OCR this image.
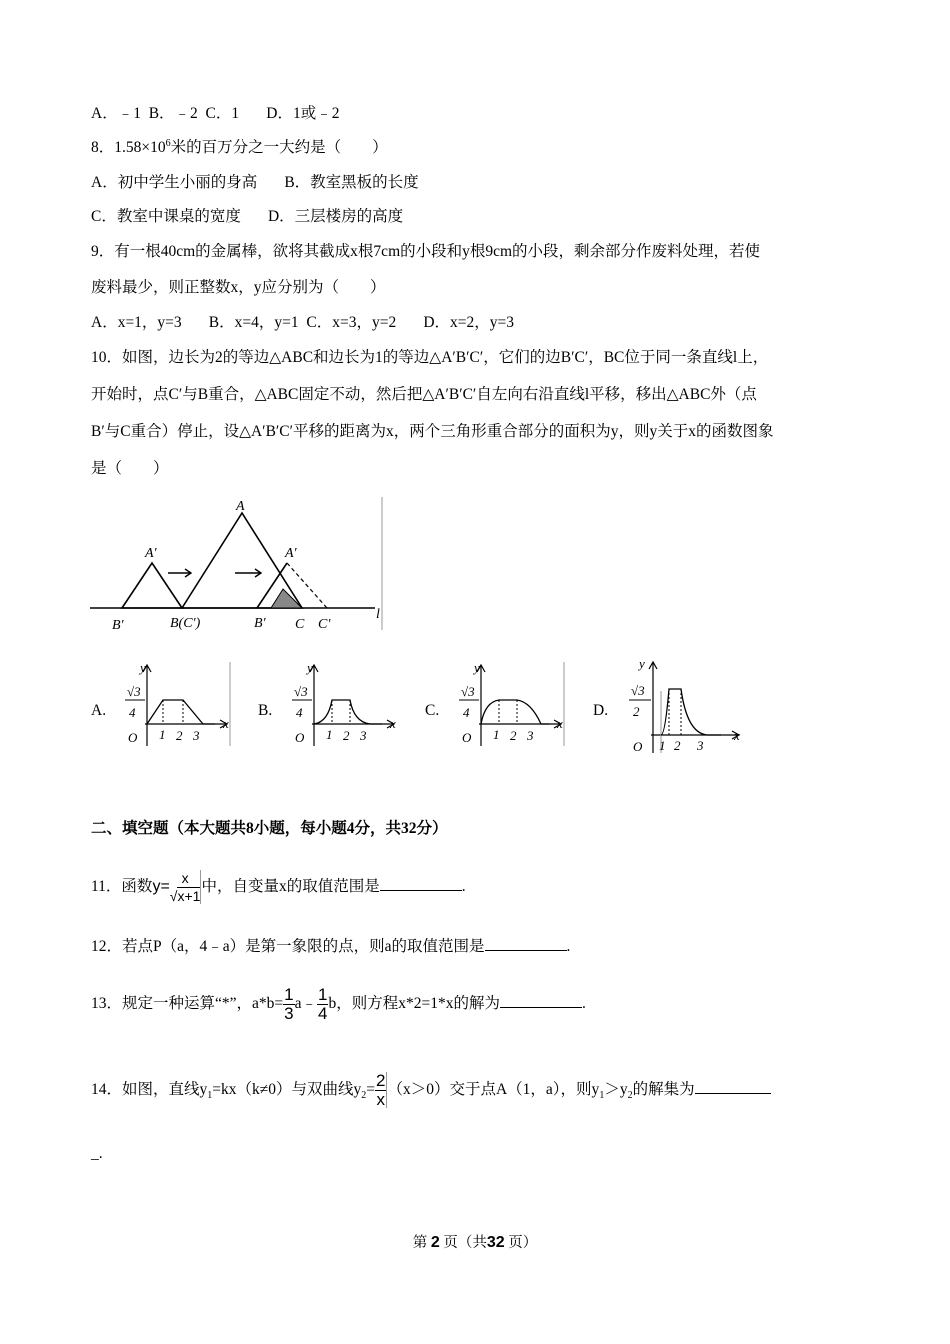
A．﹣1  B．﹣2  C．1       D．1或﹣2
8．$1.58\times 10^6$米的百万分之一大约是（　　）
A．初中学生小丽的身高       B．教室黑板的长度
C．教室中课桌的宽度       D．三层楼房的高度
9．有一根40cm的金属棒，欲将其截成x根7cm的小段和y根9cm的小段，剩余部分作废料处理，若使
废料最少，则正整数x，y应分别为（　　）
A．x=1，y=3       B．x=4，y=1  C．x=3，y=2       D．x=2，y=3
10．如图，边长为2的等边△ABC和边长为1的等边△A′B′C′，它们的边B′C′，BC位于同一条直线l上，
开始时，点C′与B重合，△ABC固定不动，然后把△A′B′C′自左向右沿直线l平移，移出△ABC外（点
B′与C重合）停止，设△A′B′C′平移的距离为x，两个三角形重合部分的面积为y，则y关于x的函数图象
是（　　）
A
A′	A′
B′	B(C′)	B′ C C′
l
A.
y
√3
4
x
O 1 2 3
B.
y
√3
4
x
O 1 2 3
C.
y
√3
4
x
O 1 2 3
D.
y
√3
2
x
O 1 2 3
二、填空题（本大题共8小题，每小题4分，共32分）
11．函数$y= \frac{x}{√x+1}$ 中，自变量x的取值范围是	.
12．若点P（a，4﹣a）是第一象限的点，则a的取值范围是	.
13．规定一种运算“*”，$a*b= \frac{1}{3}$ a﹣ $\frac{1}{4}$ b，则方程x*2=1*x的解为	.
14．如图，直线$y_1=kx(k\ne 0)$与双曲线$y_2= \frac{2}{x} (x>0)$交于点A（1，a），则$y_1>y_2$的解集为
_.
第 2 页（共32 页）
